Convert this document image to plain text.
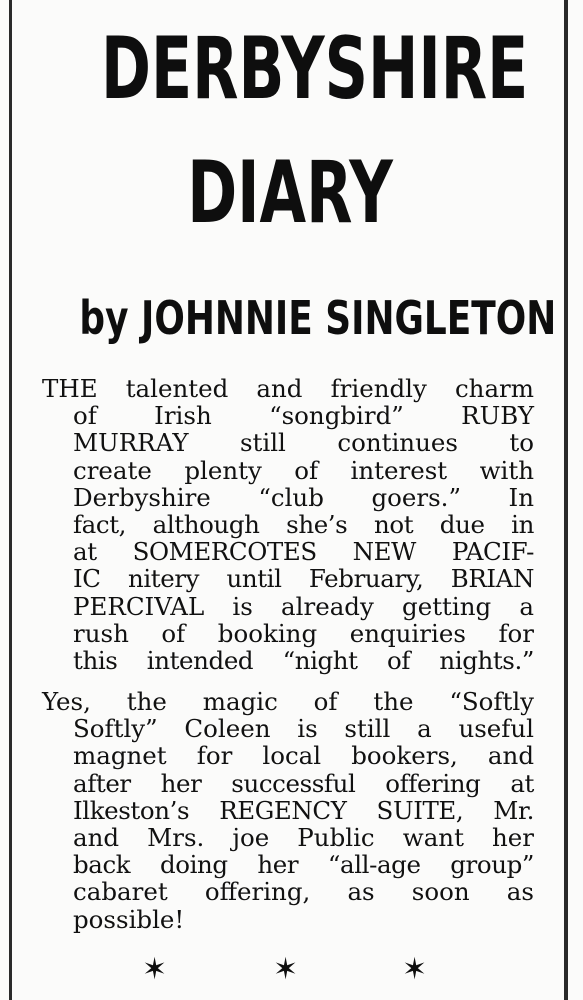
DERBYSHIRE
DIARY
by JOHNNIE SINGLETON
THE talented and friendly charm
of Irish “songbird” RUBY
MURRAY still continues to
create plenty of interest with
Derbyshire “club goers.” In
fact, although she’s not due in
at SOMERCOTES NEW PACIF-
IC nitery until February, BRIAN
PERCIVAL is already getting a
rush of booking enquiries for
this intended “night of nights.”
Yes, the magic of the “Softly
Softly” Coleen is still a useful
magnet for local bookers, and
after her successful offering at
Ilkeston’s REGENCY SUITE, Mr.
and Mrs. joe Public want her
back doing her “all-age group”
cabaret offering, as soon as
possible!
✶	✶	✶
